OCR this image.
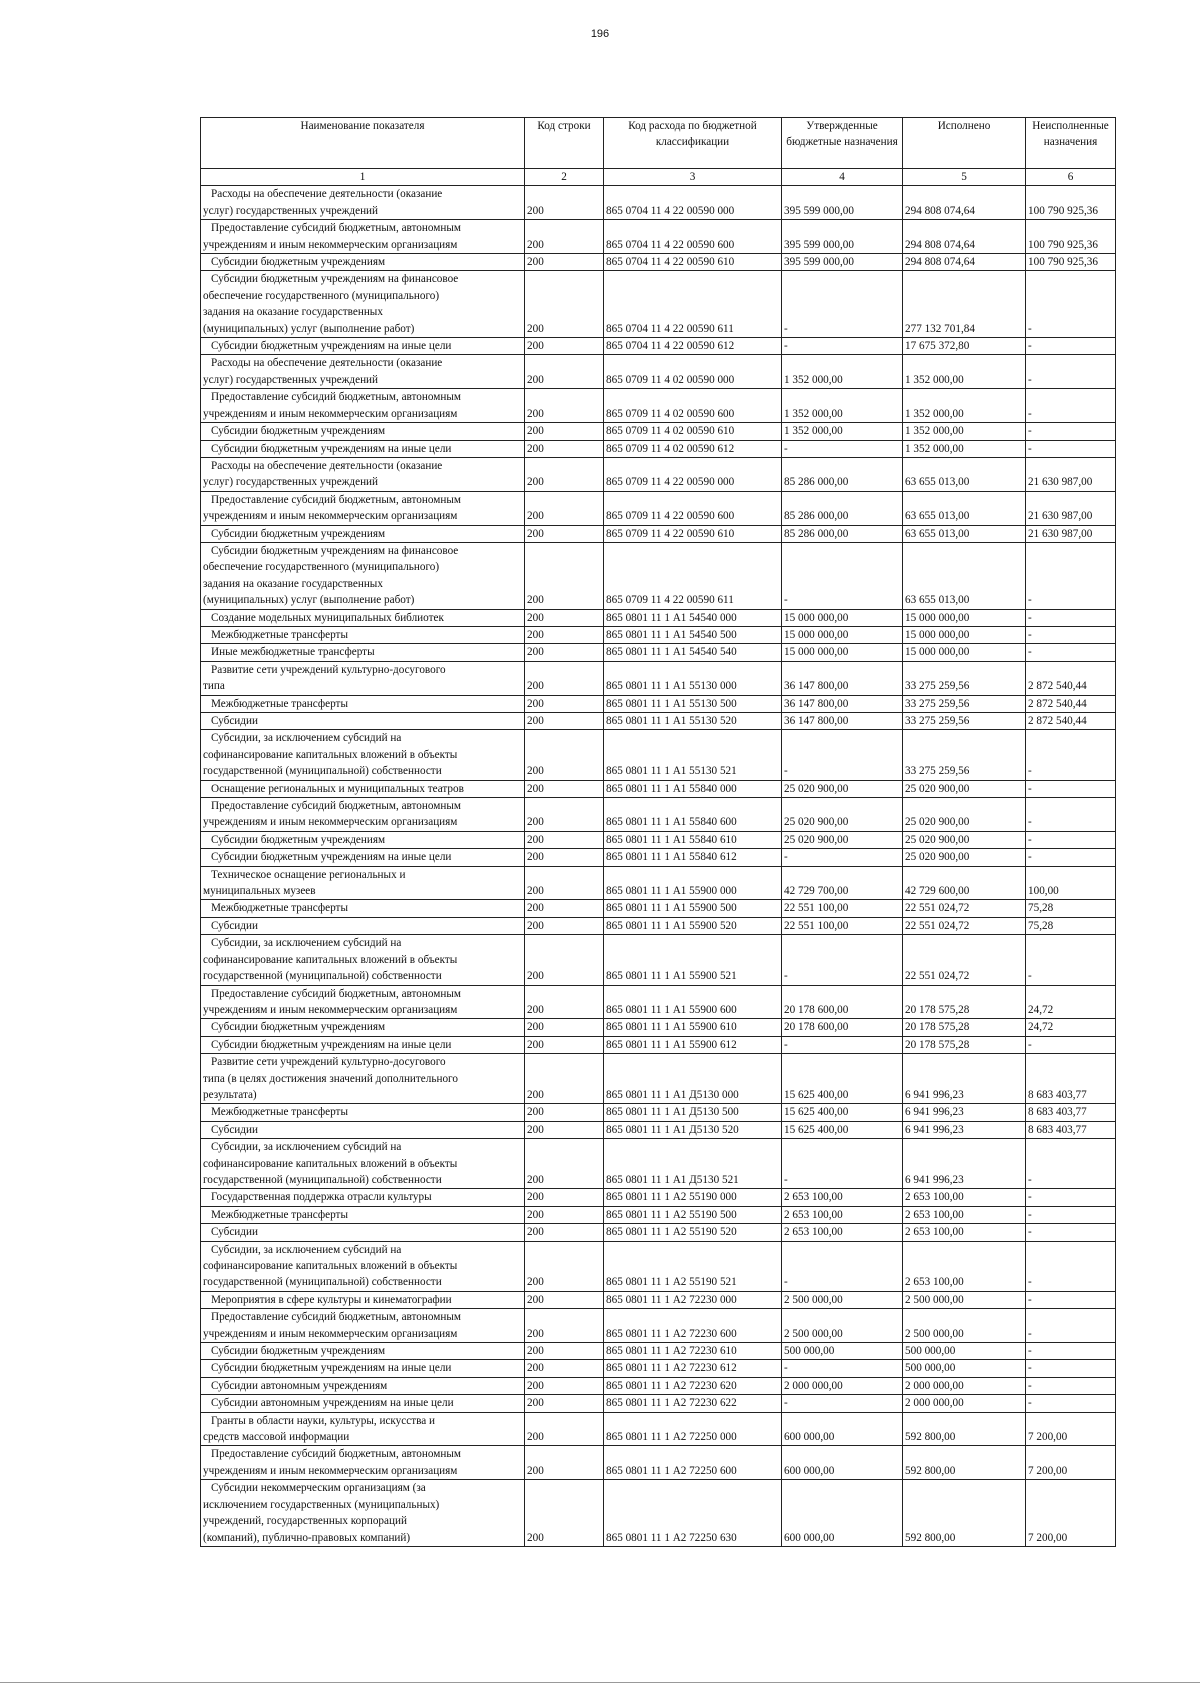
196
Наименование показателя	Код строки	Код расхода по бюджетной классификации	Утвержденные бюджетные назначения	Исполнено	Неисполненные назначения
1	2	3	4	5	6

Расходы на обеспечение деятельности (оказание
услуг) государственных учреждений	200	865 0704 11 4 22 00590 000	395 599 000,00	294 808 074,64	100 790 925,36

Предоставление субсидий бюджетным, автономным
учреждениям и иным некоммерческим организациям	200	865 0704 11 4 22 00590 600	395 599 000,00	294 808 074,64	100 790 925,36

Субсидии бюджетным учреждениям	200	865 0704 11 4 22 00590 610	395 599 000,00	294 808 074,64	100 790 925,36

Субсидии бюджетным учреждениям на финансовое
обеспечение государственного (муниципального)
задания на оказание государственных
(муниципальных) услуг (выполнение работ)	200	865 0704 11 4 22 00590 611	-	277 132 701,84	-

Субсидии бюджетным учреждениям на иные цели	200	865 0704 11 4 22 00590 612	-	17 675 372,80	-

Расходы на обеспечение деятельности (оказание
услуг) государственных учреждений	200	865 0709 11 4 02 00590 000	1 352 000,00	1 352 000,00	-

Предоставление субсидий бюджетным, автономным
учреждениям и иным некоммерческим организациям	200	865 0709 11 4 02 00590 600	1 352 000,00	1 352 000,00	-

Субсидии бюджетным учреждениям	200	865 0709 11 4 02 00590 610	1 352 000,00	1 352 000,00	-

Субсидии бюджетным учреждениям на иные цели	200	865 0709 11 4 02 00590 612	-	1 352 000,00	-

Расходы на обеспечение деятельности (оказание
услуг) государственных учреждений	200	865 0709 11 4 22 00590 000	85 286 000,00	63 655 013,00	21 630 987,00

Предоставление субсидий бюджетным, автономным
учреждениям и иным некоммерческим организациям	200	865 0709 11 4 22 00590 600	85 286 000,00	63 655 013,00	21 630 987,00

Субсидии бюджетным учреждениям	200	865 0709 11 4 22 00590 610	85 286 000,00	63 655 013,00	21 630 987,00

Субсидии бюджетным учреждениям на финансовое
обеспечение государственного (муниципального)
задания на оказание государственных
(муниципальных) услуг (выполнение работ)	200	865 0709 11 4 22 00590 611	-	63 655 013,00	-

Создание модельных муниципальных библиотек	200	865 0801 11 1 А1 54540 000	15 000 000,00	15 000 000,00	-

Межбюджетные трансферты	200	865 0801 11 1 А1 54540 500	15 000 000,00	15 000 000,00	-

Иные межбюджетные трансферты	200	865 0801 11 1 А1 54540 540	15 000 000,00	15 000 000,00	-

Развитие сети учреждений культурно-досугового
типа	200	865 0801 11 1 А1 55130 000	36 147 800,00	33 275 259,56	2 872 540,44

Межбюджетные трансферты	200	865 0801 11 1 А1 55130 500	36 147 800,00	33 275 259,56	2 872 540,44

Субсидии	200	865 0801 11 1 А1 55130 520	36 147 800,00	33 275 259,56	2 872 540,44

Субсидии, за исключением субсидий на
софинансирование капитальных вложений в объекты
государственной (муниципальной) собственности	200	865 0801 11 1 А1 55130 521	-	33 275 259,56	-

Оснащение региональных и муниципальных театров	200	865 0801 11 1 А1 55840 000	25 020 900,00	25 020 900,00	-

Предоставление субсидий бюджетным, автономным
учреждениям и иным некоммерческим организациям	200	865 0801 11 1 А1 55840 600	25 020 900,00	25 020 900,00	-

Субсидии бюджетным учреждениям	200	865 0801 11 1 А1 55840 610	25 020 900,00	25 020 900,00	-

Субсидии бюджетным учреждениям на иные цели	200	865 0801 11 1 А1 55840 612	-	25 020 900,00	-

Техническое оснащение региональных и
муниципальных музеев	200	865 0801 11 1 А1 55900 000	42 729 700,00	42 729 600,00	100,00

Межбюджетные трансферты	200	865 0801 11 1 А1 55900 500	22 551 100,00	22 551 024,72	75,28

Субсидии	200	865 0801 11 1 А1 55900 520	22 551 100,00	22 551 024,72	75,28

Субсидии, за исключением субсидий на
софинансирование капитальных вложений в объекты
государственной (муниципальной) собственности	200	865 0801 11 1 А1 55900 521	-	22 551 024,72	-

Предоставление субсидий бюджетным, автономным
учреждениям и иным некоммерческим организациям	200	865 0801 11 1 А1 55900 600	20 178 600,00	20 178 575,28	24,72

Субсидии бюджетным учреждениям	200	865 0801 11 1 А1 55900 610	20 178 600,00	20 178 575,28	24,72

Субсидии бюджетным учреждениям на иные цели	200	865 0801 11 1 А1 55900 612	-	20 178 575,28	-

Развитие сети учреждений культурно-досугового
типа (в целях достижения значений дополнительного
результата)	200	865 0801 11 1 А1 Д5130 000	15 625 400,00	6 941 996,23	8 683 403,77

Межбюджетные трансферты	200	865 0801 11 1 А1 Д5130 500	15 625 400,00	6 941 996,23	8 683 403,77

Субсидии	200	865 0801 11 1 А1 Д5130 520	15 625 400,00	6 941 996,23	8 683 403,77

Субсидии, за исключением субсидий на
софинансирование капитальных вложений в объекты
государственной (муниципальной) собственности	200	865 0801 11 1 А1 Д5130 521	-	6 941 996,23	-

Государственная поддержка отрасли культуры	200	865 0801 11 1 А2 55190 000	2 653 100,00	2 653 100,00	-

Межбюджетные трансферты	200	865 0801 11 1 А2 55190 500	2 653 100,00	2 653 100,00	-

Субсидии	200	865 0801 11 1 А2 55190 520	2 653 100,00	2 653 100,00	-

Субсидии, за исключением субсидий на
софинансирование капитальных вложений в объекты
государственной (муниципальной) собственности	200	865 0801 11 1 А2 55190 521	-	2 653 100,00	-

Мероприятия в сфере культуры и кинематографии	200	865 0801 11 1 А2 72230 000	2 500 000,00	2 500 000,00	-

Предоставление субсидий бюджетным, автономным
учреждениям и иным некоммерческим организациям	200	865 0801 11 1 А2 72230 600	2 500 000,00	2 500 000,00	-

Субсидии бюджетным учреждениям	200	865 0801 11 1 А2 72230 610	500 000,00	500 000,00	-

Субсидии бюджетным учреждениям на иные цели	200	865 0801 11 1 А2 72230 612	-	500 000,00	-

Субсидии автономным учреждениям	200	865 0801 11 1 А2 72230 620	2 000 000,00	2 000 000,00	-

Субсидии автономным учреждениям на иные цели	200	865 0801 11 1 А2 72230 622	-	2 000 000,00	-

Гранты в области науки, культуры, искусства и
средств массовой информации	200	865 0801 11 1 А2 72250 000	600 000,00	592 800,00	7 200,00

Предоставление субсидий бюджетным, автономным
учреждениям и иным некоммерческим организациям	200	865 0801 11 1 А2 72250 600	600 000,00	592 800,00	7 200,00

Субсидии некоммерческим организациям (за
исключением государственных (муниципальных)
учреждений, государственных корпораций
(компаний), публично-правовых компаний)	200	865 0801 11 1 А2 72250 630	600 000,00	592 800,00	7 200,00
